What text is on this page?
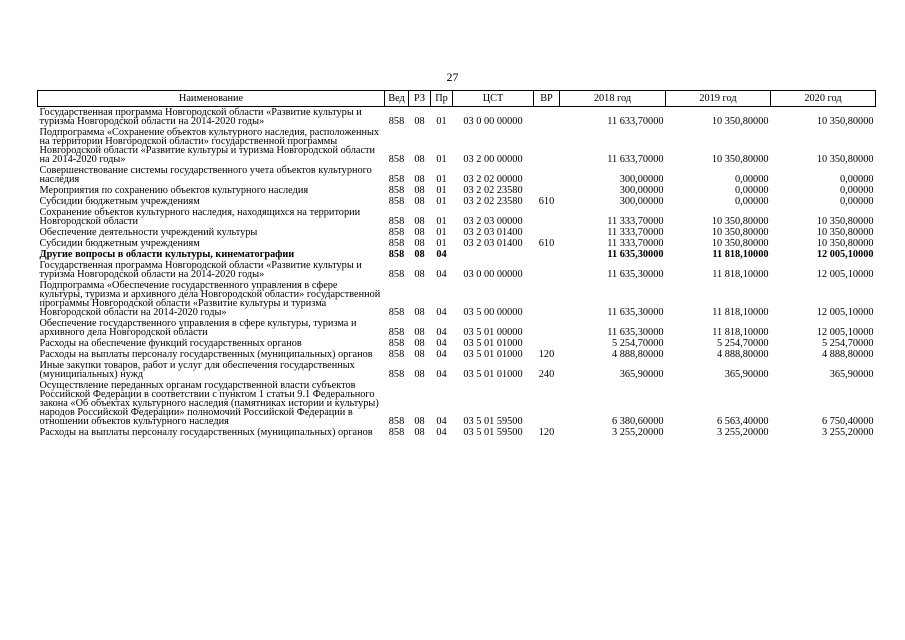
27
Наименование	Вед	РЗ	Пр	ЦСТ	ВР	2018 год	2019 год	2020 год
Государственная программа Новгородской области «Развитие культуры и туризма Новгородской области на 2014-2020 годы»	858	08	01	03 0 00 00000		11 633,70000	10 350,80000	10 350,80000
Подпрограмма «Сохранение объектов культурного наследия, расположенных на территории Новгородской области» государственной программы Новгородской области «Развитие культуры и туризма Новгородской области на 2014-2020 годы»	858	08	01	03 2 00 00000		11 633,70000	10 350,80000	10 350,80000
Совершенствование системы государственного учета объектов культурного наследия	858	08	01	03 2 02 00000		300,00000	0,00000	0,00000
Мероприятия по сохранению объектов культурного наследия	858	08	01	03 2 02 23580		300,00000	0,00000	0,00000
Субсидии бюджетным учреждениям	858	08	01	03 2 02 23580	610	300,00000	0,00000	0,00000
Сохранение объектов культурного наследия, находящихся на территории Новгородской области	858	08	01	03 2 03 00000		11 333,70000	10 350,80000	10 350,80000
Обеспечение деятельности учреждений культуры	858	08	01	03 2 03 01400		11 333,70000	10 350,80000	10 350,80000
Субсидии бюджетным учреждениям	858	08	01	03 2 03 01400	610	11 333,70000	10 350,80000	10 350,80000
Другие вопросы в области культуры, кинематографии	858	08	04			11 635,30000	11 818,10000	12 005,10000
Государственная программа Новгородской области «Развитие культуры и туризма Новгородской области на 2014-2020 годы»	858	08	04	03 0 00 00000		11 635,30000	11 818,10000	12 005,10000
Подпрограмма «Обеспечение государственного управления в сфере культуры, туризма и архивного дела Новгородской области» государственной программы Новгородской области «Развитие культуры и туризма Новгородской области на 2014-2020 годы»	858	08	04	03 5 00 00000		11 635,30000	11 818,10000	12 005,10000
Обеспечение государственного управления в сфере культуры, туризма и архивного дела Новгородской области	858	08	04	03 5 01 00000		11 635,30000	11 818,10000	12 005,10000
Расходы на обеспечение функций государственных органов	858	08	04	03 5 01 01000		5 254,70000	5 254,70000	5 254,70000
Расходы на выплаты персоналу государственных (муниципальных) органов	858	08	04	03 5 01 01000	120	4 888,80000	4 888,80000	4 888,80000
Иные закупки товаров, работ и услуг для обеспечения государственных (муниципальных) нужд	858	08	04	03 5 01 01000	240	365,90000	365,90000	365,90000
Осуществление переданных органам государственной власти субъектов Российской Федерации в соответствии с пунктом 1 статьи 9.1 Федерального закона «Об объектах культурного наследия (памятниках истории и культуры) народов Российской Федерации» полномочий Российской Федерации в отношении объектов культурного наследия	858	08	04	03 5 01 59500		6 380,60000	6 563,40000	6 750,40000
Расходы на выплаты персоналу государственных (муниципальных) органов	858	08	04	03 5 01 59500	120	3 255,20000	3 255,20000	3 255,20000
